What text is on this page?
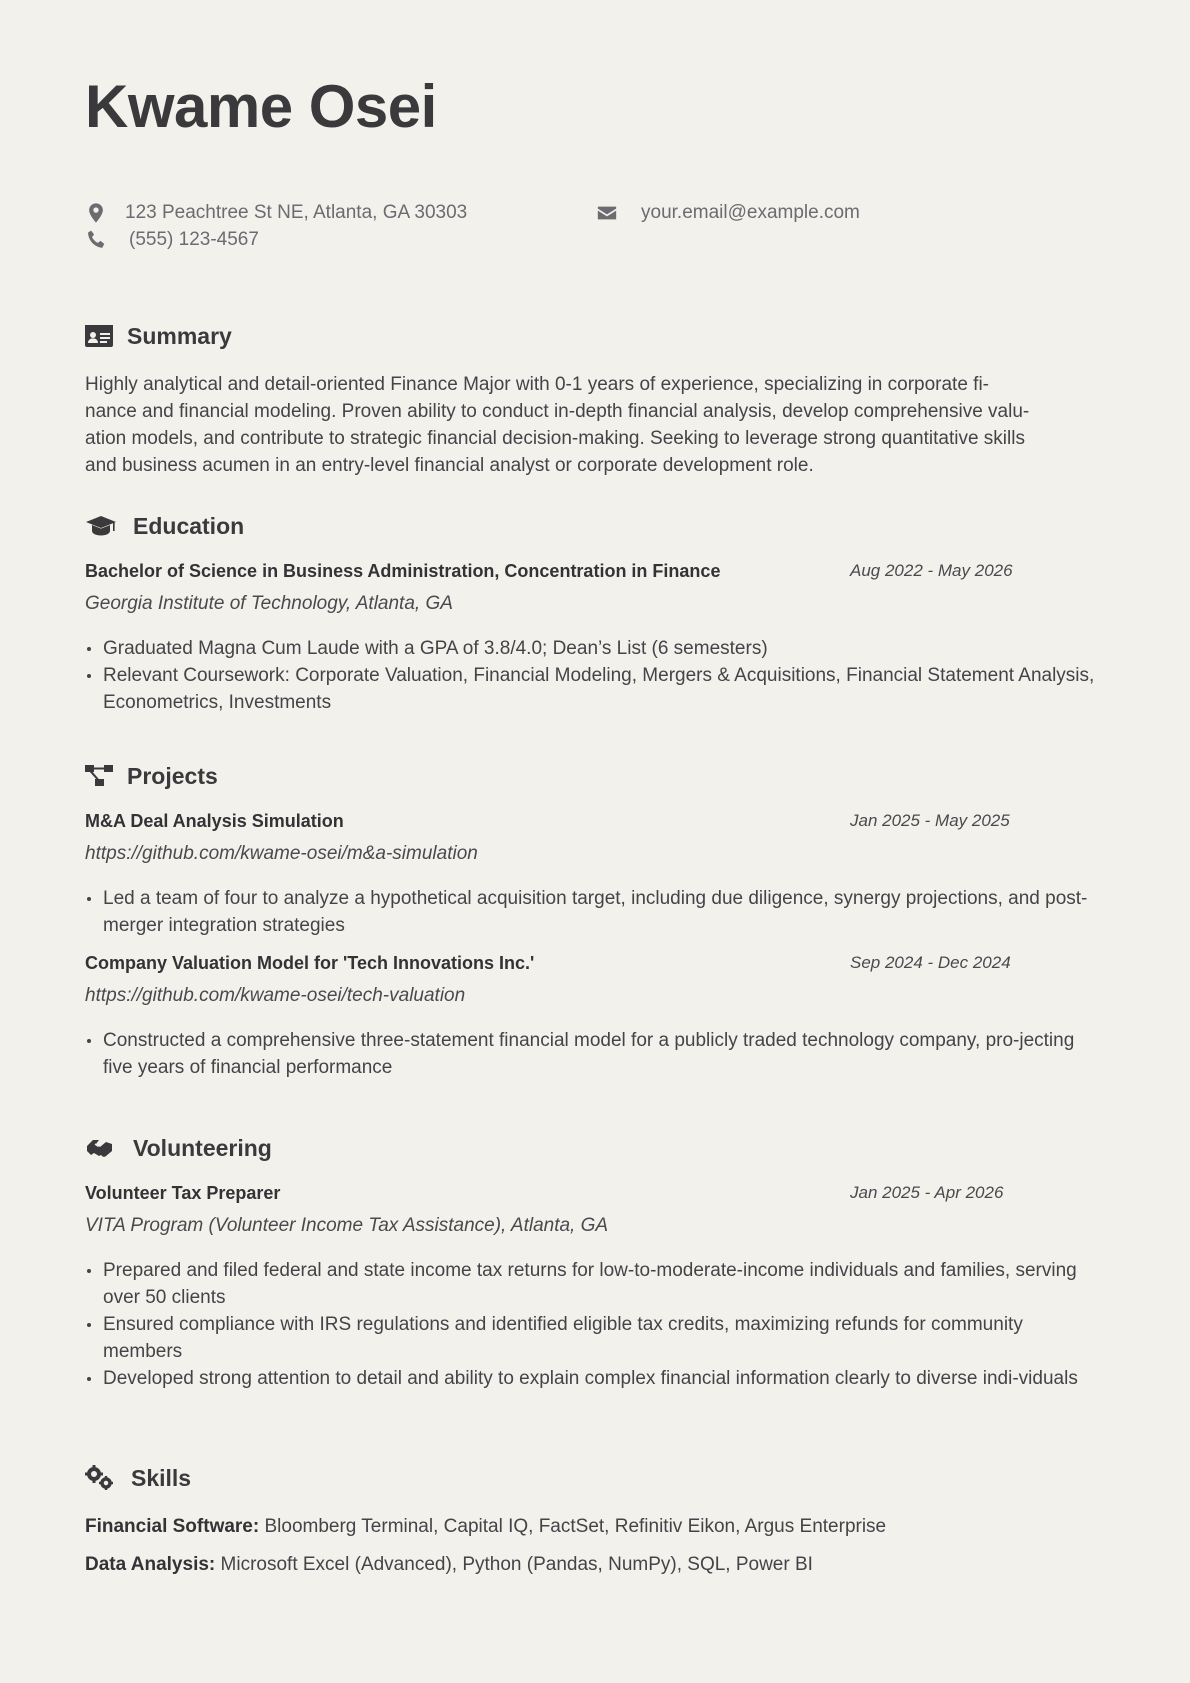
Kwame Osei
123 Peachtree St NE, Atlanta, GA 30303	your.email@example.com
(555) 123-4567
Summary
Highly analytical and detail-oriented Finance Major with 0-1 years of experience, specializing in corporate fi-
nance and financial modeling. Proven ability to conduct in-depth financial analysis, develop comprehensive valu-
ation models, and contribute to strategic financial decision-making. Seeking to leverage strong quantitative skills
and business acumen in an entry-level financial analyst or corporate development role.
Education
Bachelor of Science in Business Administration, Concentration in Finance	Aug 2022 - May 2026
Georgia Institute of Technology, Atlanta, GA
Graduated Magna Cum Laude with a GPA of 3.8/4.0; Dean’s List (6 semesters)
Relevant Coursework: Corporate Valuation, Financial Modeling, Mergers & Acquisitions, Financial Statement Analysis, Econometrics, Investments
Projects
M&A Deal Analysis Simulation	Jan 2025 - May 2025
https://github.com/kwame-osei/m&a-simulation
Led a team of four to analyze a hypothetical acquisition target, including due diligence, synergy projections, and post-merger integration strategies
Company Valuation Model for 'Tech Innovations Inc.'	Sep 2024 - Dec 2024
https://github.com/kwame-osei/tech-valuation
Constructed a comprehensive three-statement financial model for a publicly traded technology company, pro-jecting five years of financial performance
Volunteering
Volunteer Tax Preparer	Jan 2025 - Apr 2026
VITA Program (Volunteer Income Tax Assistance), Atlanta, GA
Prepared and filed federal and state income tax returns for low-to-moderate-income individuals and families, serving over 50 clients
Ensured compliance with IRS regulations and identified eligible tax credits, maximizing refunds for community members
Developed strong attention to detail and ability to explain complex financial information clearly to diverse indi-viduals
Skills
Financial Software: Bloomberg Terminal, Capital IQ, FactSet, Refinitiv Eikon, Argus Enterprise
Data Analysis: Microsoft Excel (Advanced), Python (Pandas, NumPy), SQL, Power BI
